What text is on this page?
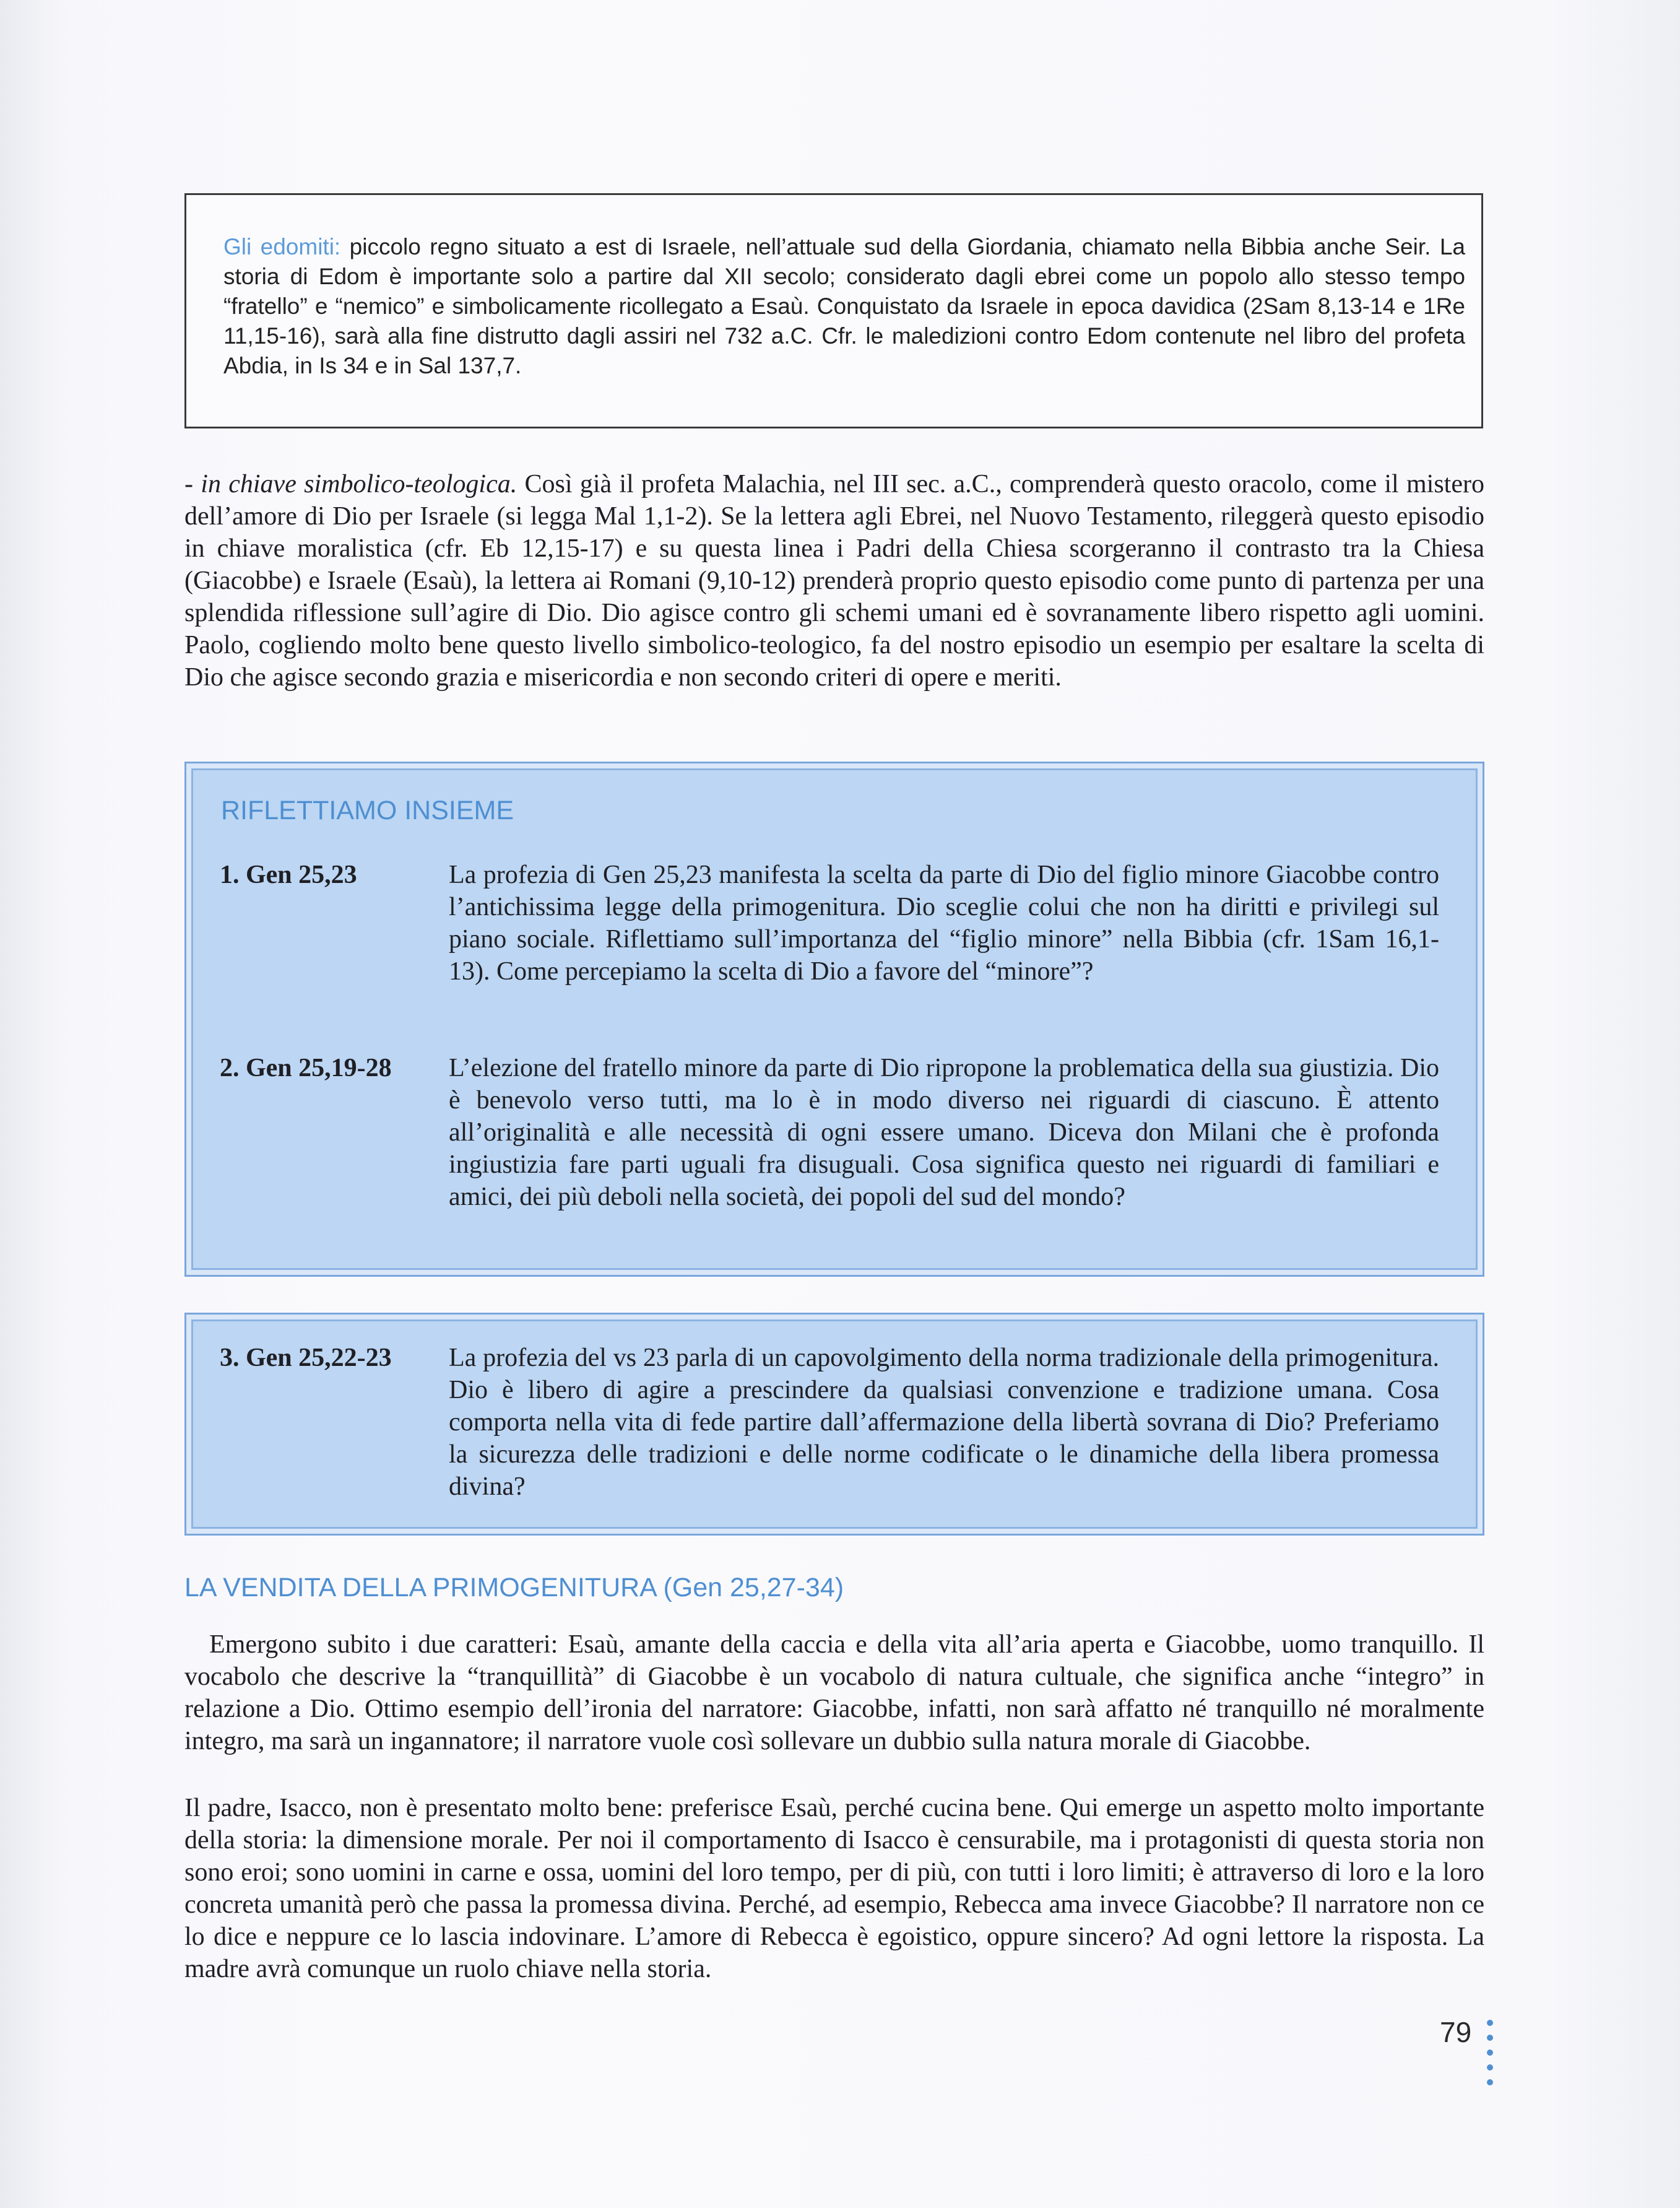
Gli edomiti: piccolo regno situato a est di Israele, nell’attuale sud della Giordania, chiamato nella Bibbia anche Seir. La storia di Edom è importante solo a partire dal XII secolo; considerato dagli ebrei come un popolo allo stesso tempo “fratello” e “nemico” e simbolicamente ricollegato a Esaù. Conquistato da Israele in epoca davidica (2Sam 8,13-14 e 1Re 11,15-16), sarà alla fine distrutto dagli assiri nel 732 a.C. Cfr. le maledizioni contro Edom contenute nel libro del profeta Abdia, in Is 34 e in Sal 137,7.

- in chiave simbolico-teologica. Così già il profeta Malachia, nel III sec. a.C., comprenderà questo oracolo, come il mistero dell’amore di Dio per Israele (si legga Mal 1,1-2). Se la lettera agli Ebrei, nel Nuovo Testamento, rileggerà questo episodio in chiave moralistica (cfr. Eb 12,15-17) e su questa linea i Padri della Chiesa scorgeranno il contrasto tra la Chiesa (Giacobbe) e Israele (Esaù), la lettera ai Romani (9,10-12) prenderà proprio questo episodio come punto di partenza per una splendida riflessione sull’agire di Dio. Dio agisce contro gli schemi umani ed è sovranamente libero rispetto agli uomini. Paolo, cogliendo molto bene questo livello simbolico-teologico, fa del nostro episodio un esempio per esaltare la scelta di Dio che agisce secondo grazia e misericordia e non secondo criteri di opere e meriti.

RIFLETTIAMO INSIEME
1. Gen 25,23	La profezia di Gen 25,23 manifesta la scelta da parte di Dio del figlio minore Giacobbe contro l’antichissima legge della primogenitura. Dio sceglie colui che non ha diritti e privilegi sul piano sociale. Riflettiamo sull’importanza del “figlio minore” nella Bibbia (cfr. 1Sam 16,1-13). Come percepiamo la scelta di Dio a favore del “minore”?
2. Gen 25,19-28	L’elezione del fratello minore da parte di Dio ripropone la problematica della sua giustizia. Dio è benevolo verso tutti, ma lo è in modo diverso nei riguardi di ciascuno. È attento all’originalità e alle necessità di ogni essere umano. Diceva don Milani che è profonda ingiustizia fare parti uguali fra disuguali. Cosa significa questo nei riguardi di familiari e amici, dei più deboli nella società, dei popoli del sud del mondo?
3. Gen 25,22-23	La profezia del vs 23 parla di un capovolgimento della norma tradizionale della primogenitura. Dio è libero di agire a prescindere da qualsiasi convenzione e tradizione umana. Cosa comporta nella vita di fede partire dall’affermazione della libertà sovrana di Dio? Preferiamo la sicurezza delle tradizioni e delle norme codificate o le dinamiche della libera promessa divina?
LA VENDITA DELLA PRIMOGENITURA (Gen 25,27-34)

Emergono subito i due caratteri: Esaù, amante della caccia e della vita all’aria aperta e Giacobbe, uomo tranquillo. Il vocabolo che descrive la “tranquillità” di Giacobbe è un vocabolo di natura cultuale, che significa anche “integro” in relazione a Dio. Ottimo esempio dell’ironia del narratore: Giacobbe, infatti, non sarà affatto né tranquillo né moralmente integro, ma sarà un ingannatore; il narratore vuole così sollevare un dubbio sulla natura morale di Giacobbe.

Il padre, Isacco, non è presentato molto bene: preferisce Esaù, perché cucina bene. Qui emerge un aspetto molto importante della storia: la dimensione morale. Per noi il comportamento di Isacco è censurabile, ma i protagonisti di questa storia non sono eroi; sono uomini in carne e ossa, uomini del loro tempo, per di più, con tutti i loro limiti; è attraverso di loro e la loro concreta umanità però che passa la promessa divina. Perché, ad esempio, Rebecca ama invece Giacobbe? Il narratore non ce lo dice e neppure ce lo lascia indovinare. L’amore di Rebecca è egoistico, oppure sincero? Ad ogni lettore la risposta. La madre avrà comunque un ruolo chiave nella storia.

79
